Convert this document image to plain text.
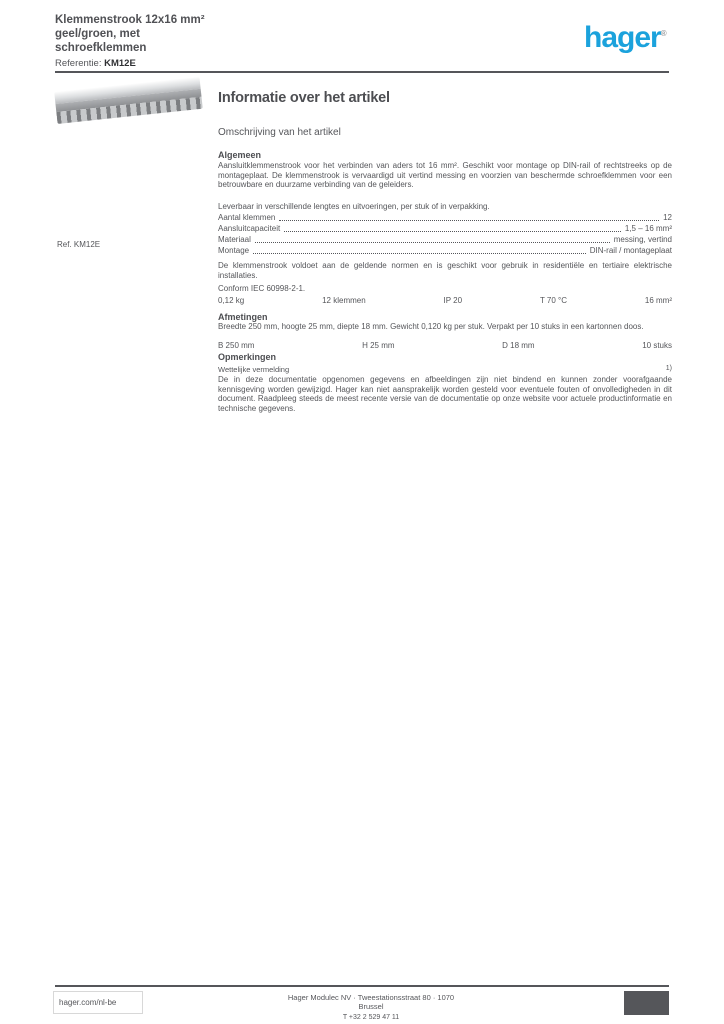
Klemmenstrook 12x16 mm²
geel/groen, met schroefklemmen
Referentie: KM12E
hager®
Ref. KM12E
Informatie over het artikel
Omschrijving van het artikel
Algemeen
Aansluitklemmenstrook voor het verbinden van aders tot 16 mm². Geschikt voor montage op DIN-rail of rechtstreeks op de montageplaat. De klemmenstrook is vervaardigd uit vertind messing en voorzien van beschermde schroefklemmen voor een betrouwbare en duurzame verbinding van de geleiders.
Leverbaar in verschillende lengtes en uitvoeringen, per stuk of in verpakking.
Aantal klemmen	12
Aansluitcapaciteit	1,5 – 16 mm²
Materiaal	messing, vertind
Montage	DIN-rail / montageplaat
De klemmenstrook voldoet aan de geldende normen en is geschikt voor gebruik in residentiële en tertiaire elektrische installaties.
Conform IEC 60998-2-1.
0,12 kg	12 klemmen	IP 20	T 70 °C	16 mm²
Afmetingen
Breedte 250 mm, hoogte 25 mm, diepte 18 mm. Gewicht 0,120 kg per stuk. Verpakt per 10 stuks in een kartonnen doos.
B 250 mm	H 25 mm	D 18 mm	10 stuks
Opmerkingen
Wettelijke vermelding	1)
De in deze documentatie opgenomen gegevens en afbeeldingen zijn niet bindend en kunnen zonder voorafgaande kennisgeving worden gewijzigd. Hager kan niet aansprakelijk worden gesteld voor eventuele fouten of onvolledigheden in dit document. Raadpleeg steeds de meest recente versie van de documentatie op onze website voor actuele productinformatie en technische gegevens.
hager.com/nl-be
Hager Modulec NV · Tweestationsstraat 80 · 1070 Brussel
T +32 2 529 47 11
